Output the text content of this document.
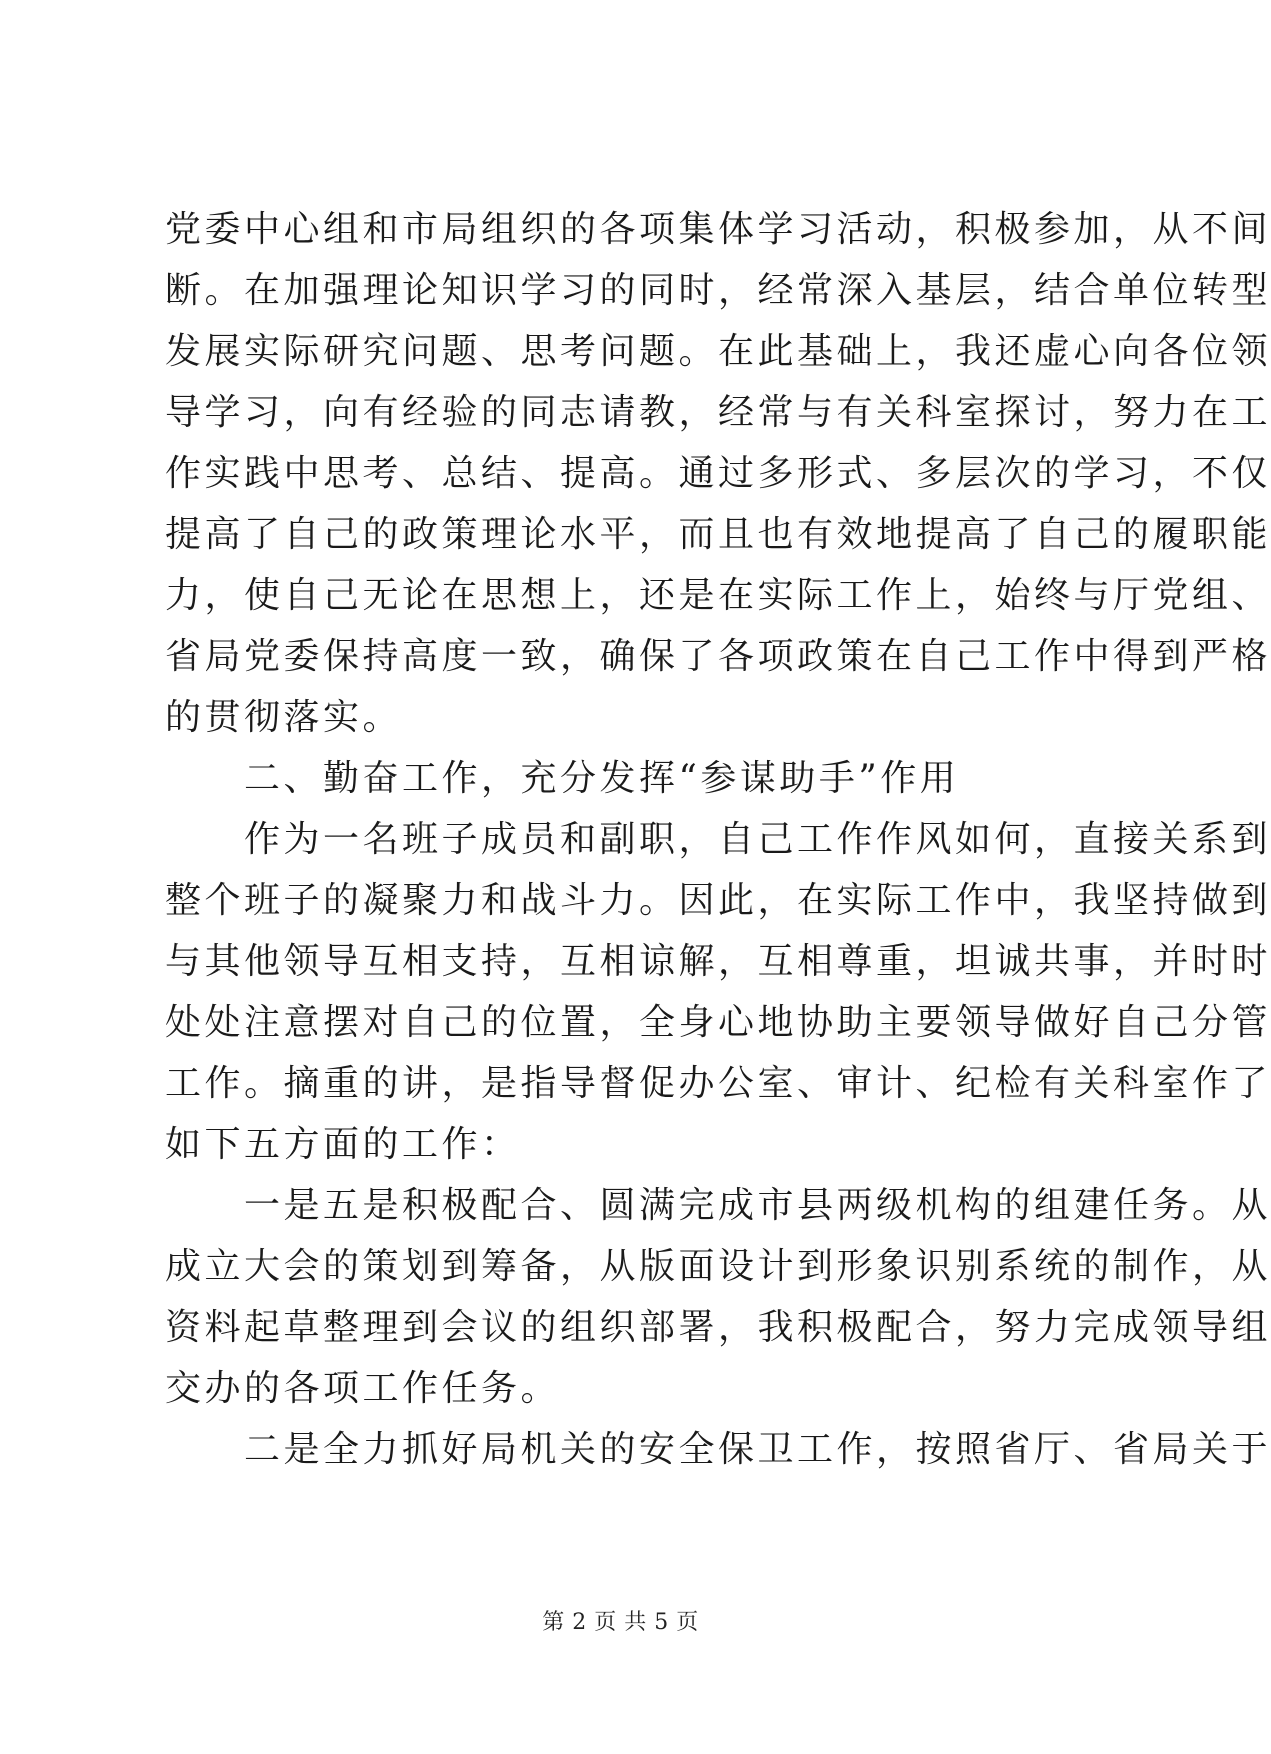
党委中心组和市局组织的各项集体学习活动，积极参加，从不间
断。在加强理论知识学习的同时，经常深入基层，结合单位转型
发展实际研究问题、思考问题。在此基础上，我还虚心向各位领
导学习，向有经验的同志请教，经常与有关科室探讨，努力在工
作实践中思考、总结、提高。通过多形式、多层次的学习，不仅
提高了自己的政策理论水平，而且也有效地提高了自己的履职能
力，使自己无论在思想上，还是在实际工作上，始终与厅党组、
省局党委保持高度一致，确保了各项政策在自己工作中得到严格
的贯彻落实。
　　二、勤奋工作，充分发挥“参谋助手”作用
　　作为一名班子成员和副职，自己工作作风如何，直接关系到
整个班子的凝聚力和战斗力。因此，在实际工作中，我坚持做到
与其他领导互相支持，互相谅解，互相尊重，坦诚共事，并时时
处处注意摆对自己的位置，全身心地协助主要领导做好自己分管
工作。摘重的讲，是指导督促办公室、审计、纪检有关科室作了
如下五方面的工作：
　　一是五是积极配合、圆满完成市县两级机构的组建任务。从
成立大会的策划到筹备，从版面设计到形象识别系统的制作，从
资料起草整理到会议的组织部署，我积极配合，努力完成领导组
交办的各项工作任务。
　　二是全力抓好局机关的安全保卫工作，按照省厅、省局关于
第 2 页 共 5 页
